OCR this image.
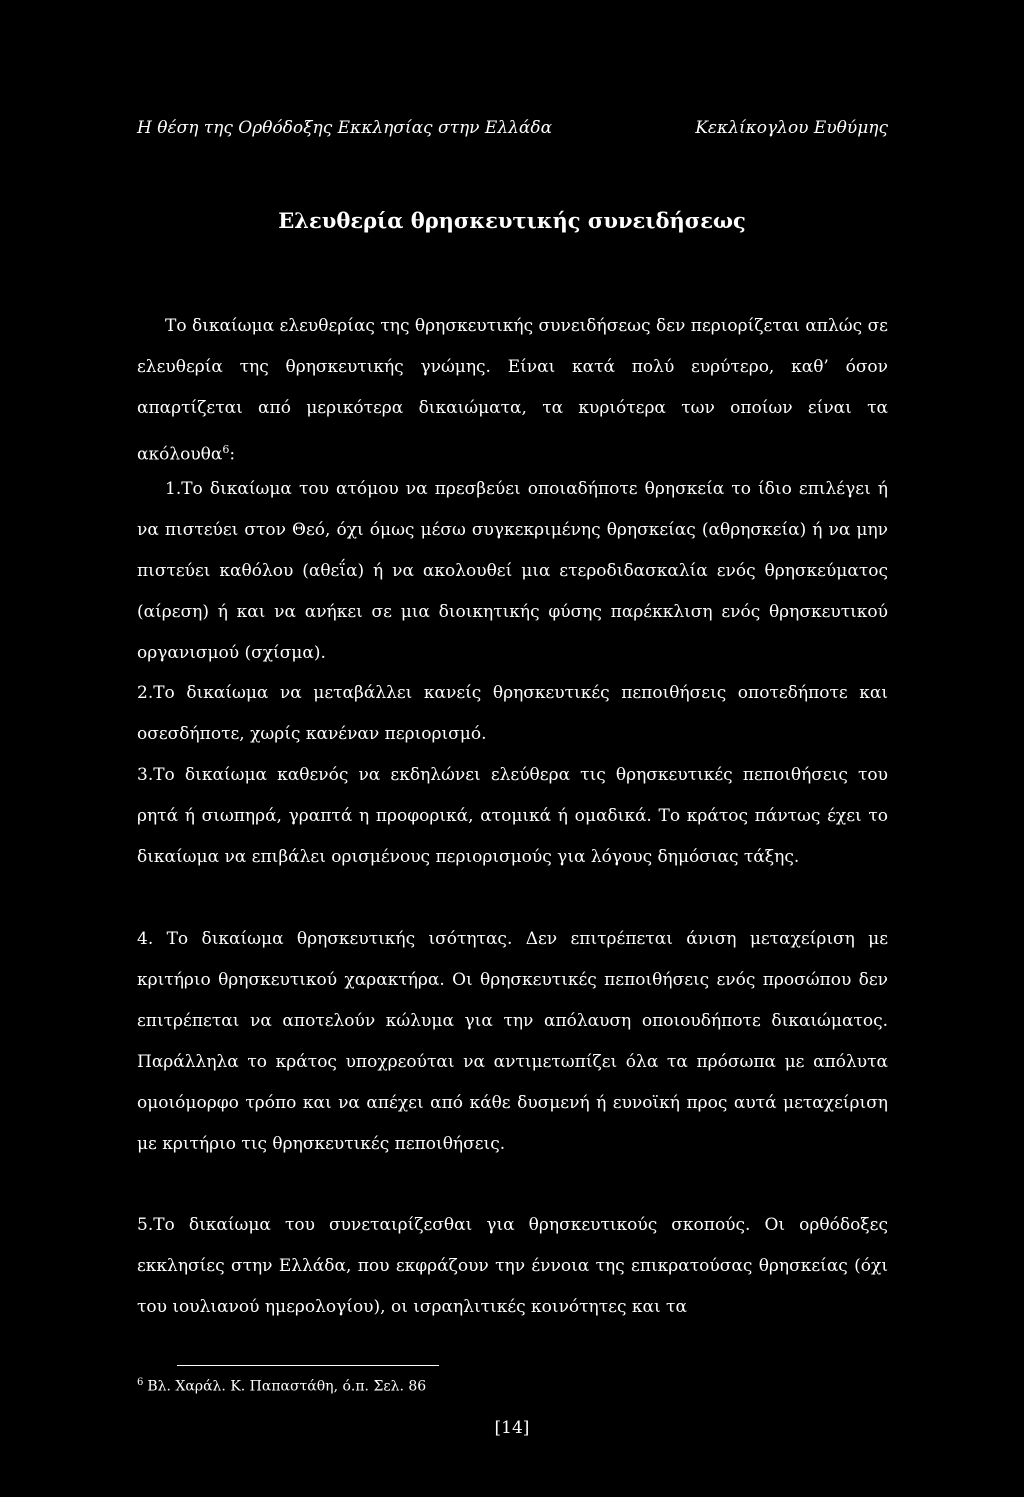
Η θέση της Ορθόδοξης Εκκλησίας στην Ελλάδα	Κεκλίκογλου Ευθύμης
Ελευθερία θρησκευτικής συνειδήσεως

Το δικαίωμα ελευθερίας της θρησκευτικής συνειδήσεως δεν περιορίζεται απλώς σε ελευθερία της θρησκευτικής γνώμης. Είναι κατά πολύ ευρύτερο, καθ’ όσον απαρτίζεται από μερικότερα δικαιώματα, τα κυριότερα των οποίων είναι τα ακόλουθα$^6$:

1.Το δικαίωμα του ατόμου να πρεσβεύει οποιαδήποτε θρησκεία το ίδιο επιλέγει ή να πιστεύει στον Θεό, όχι όμως μέσω συγκεκριμένης θρησκείας (αθρησκεία) ή να μην πιστεύει καθόλου (αθεΐα) ή να ακολουθεί μια ετεροδιδασκαλία ενός θρησκεύματος (αίρεση) ή και να ανήκει σε μια διοικητικής φύσης παρέκκλιση ενός θρησκευτικού οργανισμού (σχίσμα).

2.Το δικαίωμα να μεταβάλλει κανείς θρησκευτικές πεποιθήσεις οποτεδήποτε και οσεσδήποτε, χωρίς κανέναν περιορισμό.

3.Το δικαίωμα καθενός να εκδηλώνει ελεύθερα τις θρησκευτικές πεποιθήσεις του ρητά ή σιωπηρά, γραπτά η προφορικά, ατομικά ή ομαδικά. Το κράτος πάντως έχει το δικαίωμα να επιβάλει ορισμένους περιορισμούς για λόγους δημόσιας τάξης.

4. Το δικαίωμα θρησκευτικής ισότητας. Δεν επιτρέπεται άνιση μεταχείριση με κριτήριο θρησκευτικού χαρακτήρα. Οι θρησκευτικές πεποιθήσεις ενός προσώπου δεν επιτρέπεται να αποτελούν κώλυμα για την απόλαυση οποιουδήποτε δικαιώματος. Παράλληλα το κράτος υποχρεούται να αντιμετωπίζει όλα τα πρόσωπα με απόλυτα ομοιόμορφο τρόπο και να απέχει από κάθε δυσμενή ή ευνοϊκή προς αυτά μεταχείριση με κριτήριο τις θρησκευτικές πεποιθήσεις.

5.Το δικαίωμα του συνεταιρίζεσθαι για θρησκευτικούς σκοπούς. Οι ορθόδοξες εκκλησίες στην Ελλάδα, που εκφράζουν την έννοια της επικρατούσας θρησκείας (όχι του ιουλιανού ημερολογίου), οι ισραηλιτικές κοινότητες και τα

$^6$ Βλ. Χαράλ. Κ. Παπαστάθη, ό.π. Σελ. 86
[14]
